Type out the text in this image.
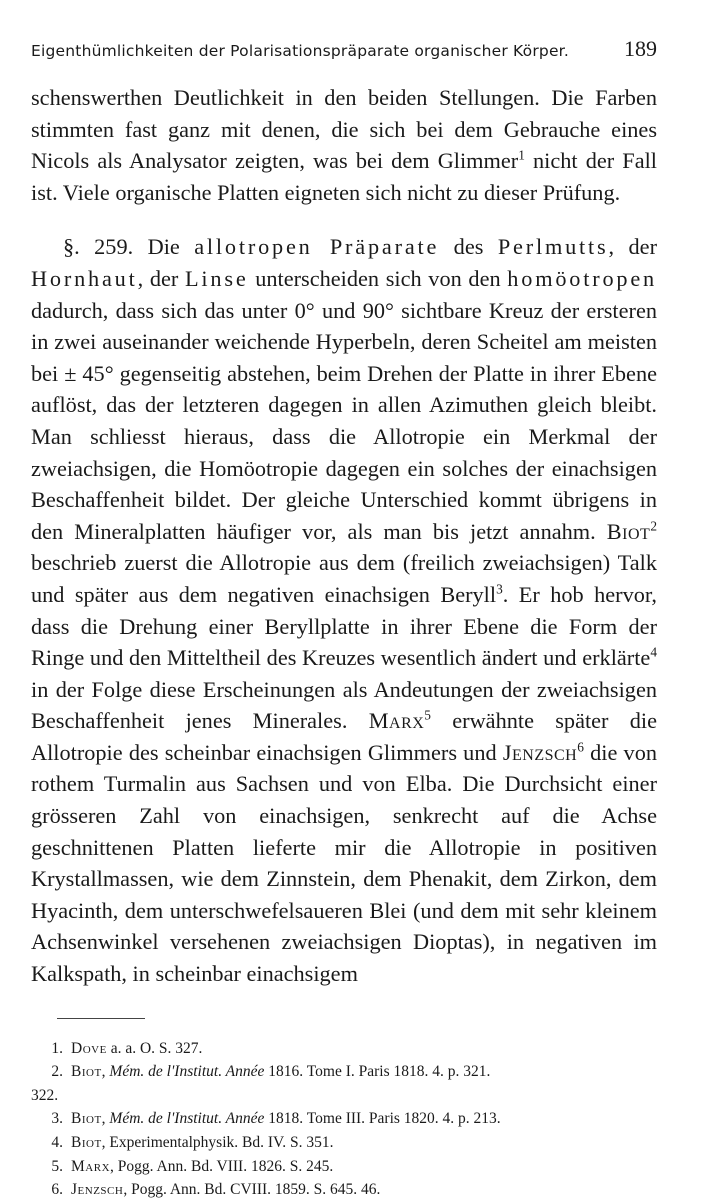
Eigenthümlichkeiten der Polarisationspräparate organischer Körper.	189

schenswerthen Deutlichkeit in den beiden Stellungen. Die Farben stimmten fast ganz mit denen, die sich bei dem Gebrauche eines Nicols als Analysator zeigten, was bei dem Glimmer$^1$ nicht der Fall ist. Viele organische Platten eigneten sich nicht zu dieser Prüfung.

§. 259. Die allotropen Präparate des Perlmutts, der Hornhaut, der Linse unterscheiden sich von den homöotropen dadurch, dass sich das unter 0° und 90° sichtbare Kreuz der ersteren in zwei auseinander weichende Hyperbeln, deren Scheitel am meisten bei ± 45° gegenseitig abstehen, beim Drehen der Platte in ihrer Ebene auflöst, das der letzteren dagegen in allen Azimuthen gleich bleibt. Man schliesst hieraus, dass die Allotropie ein Merkmal der zweiachsigen, die Homöotropie dagegen ein solches der einachsigen Beschaffenheit bildet. Der gleiche Unterschied kommt übrigens in den Mineralplatten häufiger vor, als man bis jetzt annahm. Biot$^2$ beschrieb zuerst die Allotropie aus dem (freilich zweiachsigen) Talk und später aus dem negativen einachsigen Beryll$^3$. Er hob hervor, dass die Drehung einer Beryllplatte in ihrer Ebene die Form der Ringe und den Mitteltheil des Kreuzes wesentlich ändert und erklärte$^4$ in der Folge diese Erscheinungen als Andeutungen der zweiachsigen Beschaffenheit jenes Minerales. Marx$^5$ erwähnte später die Allotropie des scheinbar einachsigen Glimmers und Jenzsch$^6$ die von rothem Turmalin aus Sachsen und von Elba. Die Durchsicht einer grösseren Zahl von einachsigen, senkrecht auf die Achse geschnittenen Platten lieferte mir die Allotropie in positiven Krystallmassen, wie dem Zinnstein, dem Phenakit, dem Zirkon, dem Hyacinth, dem unterschwefelsaueren Blei (und dem mit sehr kleinem Achsenwinkel versehenen zweiachsigen Dioptas), in negativen im Kalkspath, in scheinbar einachsigem

1. Dove a. a. O. S. 327.
2. Biot, Mém. de l'Institut. Année 1816. Tome I. Paris 1818. 4. p. 321.
322.
3. Biot, Mém. de l'Institut. Année 1818. Tome III. Paris 1820. 4. p. 213.
4. Biot, Experimentalphysik. Bd. IV. S. 351.
5. Marx, Pogg. Ann. Bd. VIII. 1826. S. 245.
6. Jenzsch, Pogg. Ann. Bd. CVIII. 1859. S. 645. 46.
